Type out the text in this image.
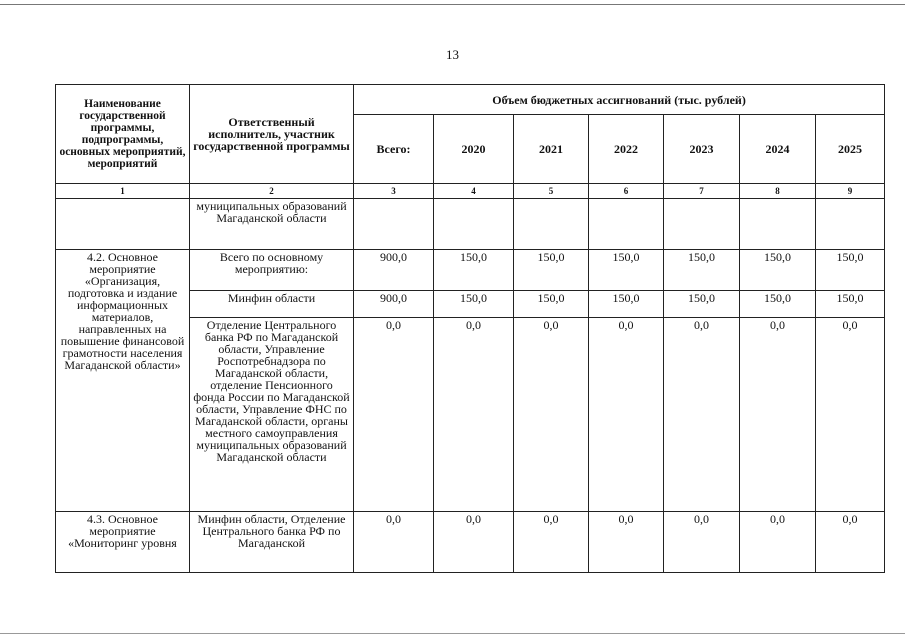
13
Наименование государственной программы, подпрограммы, основных мероприятий, мероприятий	Ответственный исполнитель, участник государственной программы	Объем бюджетных ассигнований (тыс. рублей)						
		Всего:	2020	2021	2022	2023	2024	2025
1	2	3	4	5	6	7	8	9
	муниципальных образований Магаданской области							
4.2. Основное мероприятие «Организация, подготовка и издание информационных материалов, направленных на повышение финансовой грамотности населения Магаданской области»	Всего по основному мероприятию:	900,0	150,0	150,0	150,0	150,0	150,0	150,0
	Минфин области	900,0	150,0	150,0	150,0	150,0	150,0	150,0
	Отделение Центрального банка РФ по Магаданской области, Управление Роспотребнадзора по Магаданской области, отделение Пенсионного фонда России по Магаданской области, Управление ФНС по Магаданской области, органы местного самоуправления муниципальных образований Магаданской области	0,0	0,0	0,0	0,0	0,0	0,0	0,0
4.3. Основное мероприятие «Мониторинг уровня	Минфин области, Отделение Центрального банка РФ по Магаданской	0,0	0,0	0,0	0,0	0,0	0,0	0,0
